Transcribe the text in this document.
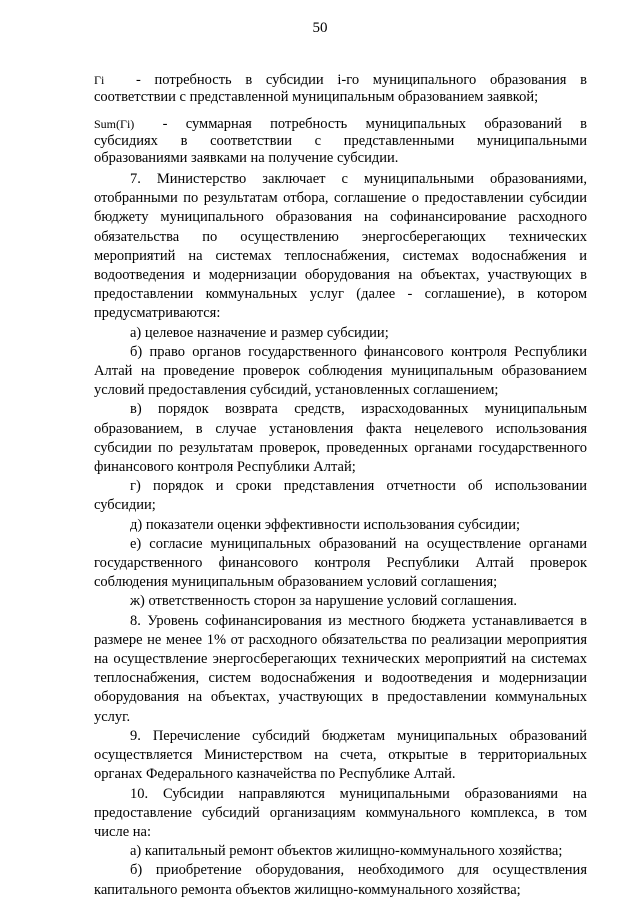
50
Гi - потребность в субсидии i-го муниципального образования в
соответствии с представленной муниципальным образованием заявкой;
Sum(Гi) - суммарная потребность муниципальных образований в
субсидиях в соответствии с представленными муниципальными образованиями заявками на получение субсидии.

7. Министерство заключает с муниципальными образованиями, отобранными по результатам отбора, соглашение о предоставлении субсидии бюджету муниципального образования на софинансирование расходного обязательства по осуществлению энергосберегающих технических мероприятий на системах теплоснабжения, системах водоснабжения и водоотведения и модернизации оборудования на объектах, участвующих в предоставлении коммунальных услуг (далее - соглашение), в котором предусматриваются:

а) целевое назначение и размер субсидии;

б) право органов государственного финансового контроля Республики Алтай на проведение проверок соблюдения муниципальным образованием условий предоставления субсидий, установленных соглашением;

в) порядок возврата средств, израсходованных муниципальным образованием, в случае установления факта нецелевого использования субсидии по результатам проверок, проведенных органами государственного финансового контроля Республики Алтай;

г) порядок и сроки представления отчетности об использовании субсидии;

д) показатели оценки эффективности использования субсидии;

е) согласие муниципальных образований на осуществление органами государственного финансового контроля Республики Алтай проверок соблюдения муниципальным образованием условий соглашения;

ж) ответственность сторон за нарушение условий соглашения.

8. Уровень софинансирования из местного бюджета устанавливается в размере не менее 1% от расходного обязательства по реализации мероприятия на осуществление энергосберегающих технических мероприятий на системах теплоснабжения, систем водоснабжения и водоотведения и модернизации оборудования на объектах, участвующих в предоставлении коммунальных услуг.

9. Перечисление субсидий бюджетам муниципальных образований осуществляется Министерством на счета, открытые в территориальных органах Федерального казначейства по Республике Алтай.

10. Субсидии направляются муниципальными образованиями на предоставление субсидий организациям коммунального комплекса, в том числе на:

а) капитальный ремонт объектов жилищно-коммунального хозяйства;

б) приобретение оборудования, необходимого для осуществления капитального ремонта объектов жилищно-коммунального хозяйства;
